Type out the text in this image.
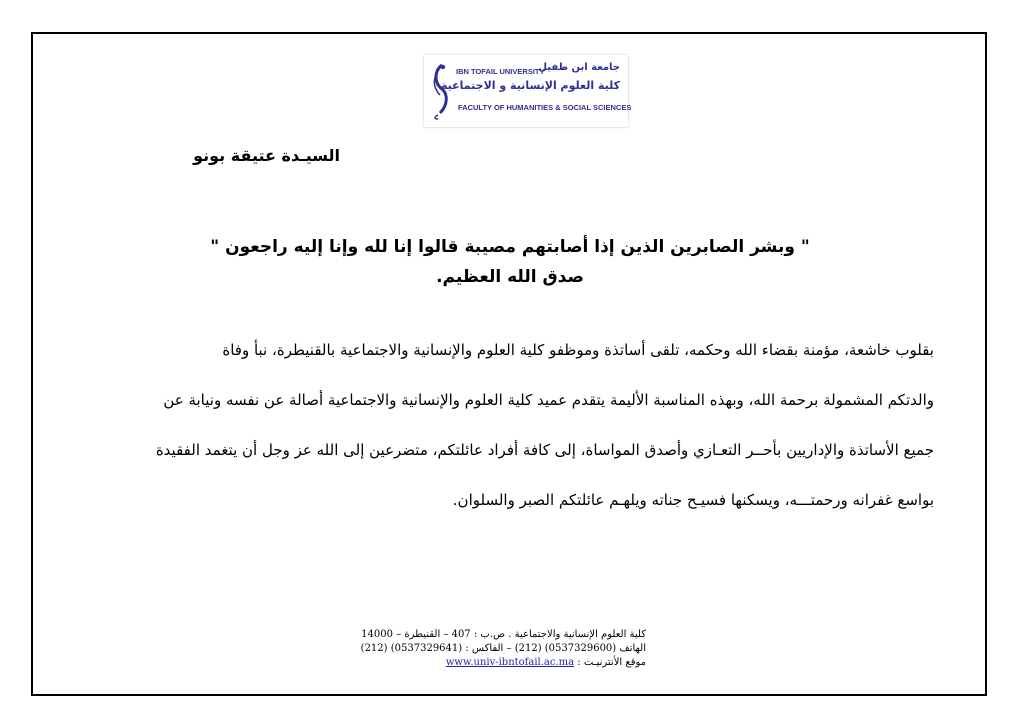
IBN TOFAIL UNIVERSITY
جامعة ابن طفيل
كلية العلوم الإنسانية و الاجتماعية
FACULTY OF HUMANITIES & SOCIAL SCIENCES
السيـدة عتيقة بونو
" وبشر الصابرين الذين إذا أصابتهم مصيبة قالوا إنا لله وإنا إليه راجعون "
صدق الله العظيم.

بقلوب خاشعة، مؤمنة بقضاء الله وحكمه، تلقى أساتذة وموظفو كلية العلوم والإنسانية والاجتماعية بالقنيطرة، نبأ وفاة

والدتكم المشمولة برحمة الله، وبهذه المناسبة الأليمة يتقدم عميد كلية العلوم والإنسانية والاجتماعية أصالة عن نفسه ونيابة عن

جميع الأساتذة والإداريين بأحــر التعـازي وأصدق المواساة، إلى كافة أفراد عائلتكم، متضرعين إلى الله عز وجل أن يتغمد الفقيدة

بواسع غفرانه ورحمتـــه، ويسكنها فسيـح جناته ويلهـم عائلتكم الصبر والسلوان.

كلية العلوم الإنسانية والاجتماعية . ص.ب : 407 – القنيطرة – 14000
الهاتف (0537329600) (212) – الفاكس : (0537329641) (212)
موقع الأنترنيـت : www.univ-ibntofail.ac.ma
